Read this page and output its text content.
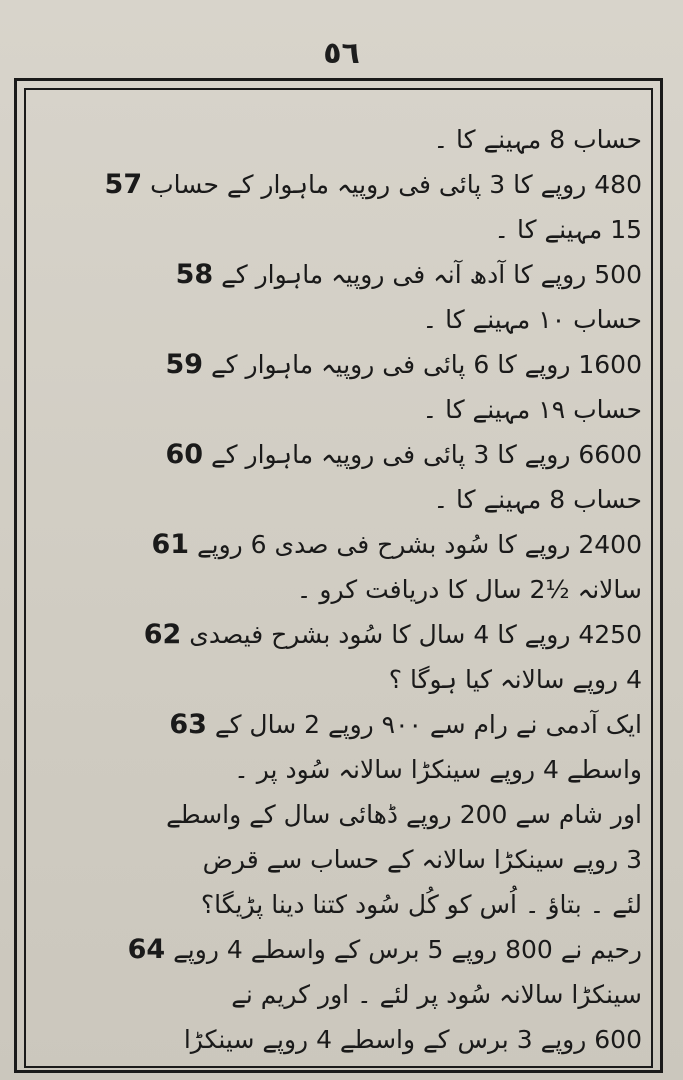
٥٦
حساب 8 مہینے کا ۔
480 روپے کا 3 پائی فی روپیہ ماہوار کے حساب 57
15 مہینے کا ۔
500 روپے کا آدھ آنہ فی روپیہ ماہوار کے 58
حساب ١٠ مہینے کا ۔
1600 روپے کا 6 پائی فی روپیہ ماہوار کے 59
حساب ١٩ مہینے کا ۔
6600 روپے کا 3 پائی فی روپیہ ماہوار کے 60
حساب 8 مہینے کا ۔
2400 روپے کا سُود بشرح فی صدی 6 روپے 61
سالانہ ½2 سال کا دریافت کرو ۔
4250 روپے کا 4 سال کا سُود بشرح فیصدی 62
4 روپے سالانہ کیا ہوگا ؟
ایک آدمی نے رام سے ٩٠٠ روپے 2 سال کے 63
واسطے 4 روپے سینکڑا سالانہ سُود پر ۔
اور شام سے 200 روپے ڈھائی سال کے واسطے
3 روپے سینکڑا سالانہ کے حساب سے قرض
لئے ۔ بتاؤ ۔ اُس کو کُل سُود کتنا دینا پڑیگا؟
رحیم نے 800 روپے 5 برس کے واسطے 4 روپے 64
سینکڑا سالانہ سُود پر لئے ۔ اور کریم نے
600 روپے 3 برس کے واسطے 4 روپے سینکڑا
